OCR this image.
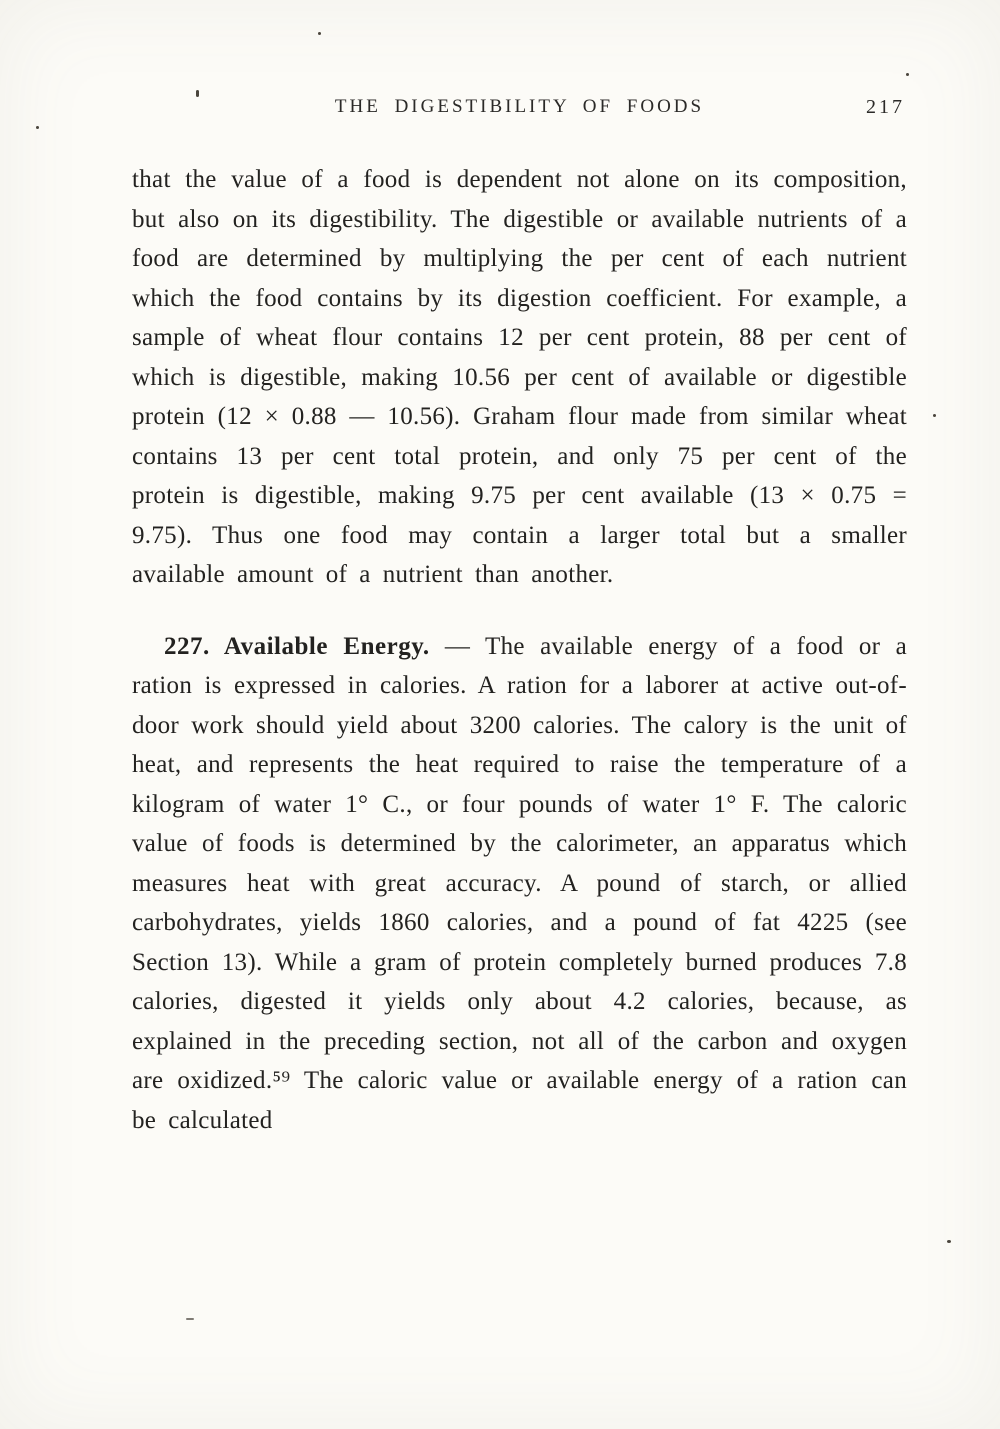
THE DIGESTIBILITY OF FOODS	217

that the value of a food is dependent not alone on its composition, but also on its digestibility. The digestible or available nutrients of a food are determined by multiplying the per cent of each nutrient which the food contains by its digestion coefficient. For example, a sample of wheat flour contains 12 per cent protein, 88 per cent of which is digestible, making 10.56 per cent of available or digestible protein (12 × 0.88 — 10.56). Graham flour made from similar wheat contains 13 per cent total protein, and only 75 per cent of the protein is digestible, making 9.75 per cent available (13 × 0.75 = 9.75). Thus one food may contain a larger total but a smaller available amount of a nutrient than another.

227. Available Energy. — The available energy of a food or a ration is expressed in calories. A ration for a laborer at active out-of-door work should yield about 3200 calories. The calory is the unit of heat, and represents the heat required to raise the temperature of a kilogram of water 1° C., or four pounds of water 1° F. The caloric value of foods is determined by the calorimeter, an apparatus which measures heat with great accuracy. A pound of starch, or allied carbohydrates, yields 1860 calories, and a pound of fat 4225 (see Section 13). While a gram of protein completely burned produces 7.8 calories, digested it yields only about 4.2 calories, because, as explained in the preceding section, not all of the carbon and oxygen are oxidized.⁵⁹ The caloric value or available energy of a ration can be calculated
